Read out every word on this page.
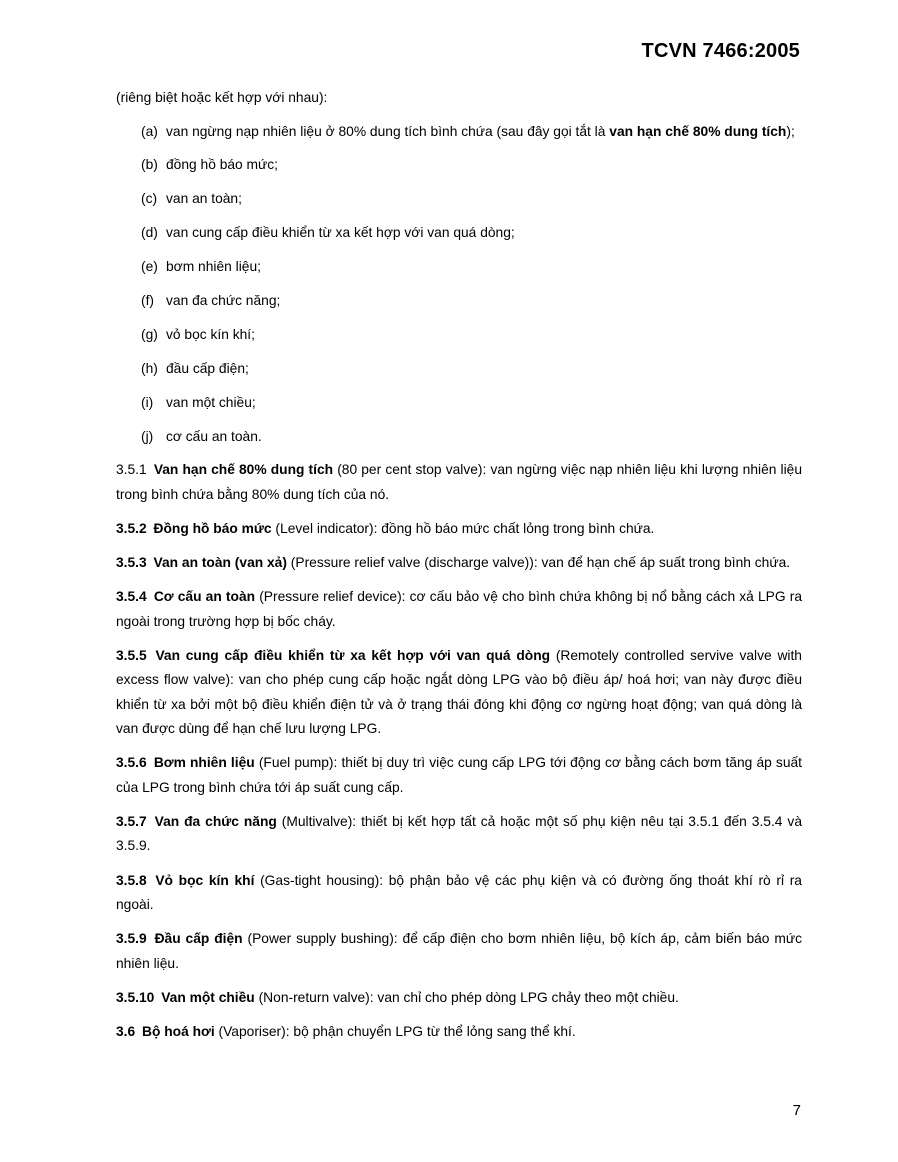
TCVN 7466:2005

(riêng biệt hoặc kết hợp với nhau):

(a) van ngừng nạp nhiên liệu ở 80% dung tích bình chứa (sau đây gọi tắt là van hạn chế 80% dung tích);
(b) đồng hồ báo mức;
(c) van an toàn;
(d) van cung cấp điều khiển từ xa kết hợp với van quá dòng;
(e) bơm nhiên liệu;
(f) van đa chức năng;
(g) vỏ bọc kín khí;
(h) đầu cấp điện;
(i) van một chiều;
(j) cơ cấu an toàn.

3.5.1 Van hạn chế 80% dung tích (80 per cent stop valve): van ngừng việc nạp nhiên liệu khi lượng nhiên liệu trong bình chứa bằng 80% dung tích của nó.

3.5.2 Đồng hồ báo mức (Level indicator): đồng hồ báo mức chất lỏng trong bình chứa.

3.5.3 Van an toàn (van xả) (Pressure relief valve (discharge valve)): van để hạn chế áp suất trong bình chứa.

3.5.4 Cơ cấu an toàn (Pressure relief device): cơ cấu bảo vệ cho bình chứa không bị nổ bằng cách xả LPG ra ngoài trong trường hợp bị bốc cháy.

3.5.5 Van cung cấp điều khiển từ xa kết hợp với van quá dòng (Remotely controlled servive valve with excess flow valve): van cho phép cung cấp hoặc ngắt dòng LPG vào bộ điều áp/ hoá hơi; van này được điều khiển từ xa bởi một bộ điều khiển điện tử và ở trạng thái đóng khi động cơ ngừng hoạt động; van quá dòng là van được dùng để hạn chế lưu lượng LPG.

3.5.6 Bơm nhiên liệu (Fuel pump): thiết bị duy trì việc cung cấp LPG tới động cơ bằng cách bơm tăng áp suất của LPG trong bình chứa tới áp suất cung cấp.

3.5.7 Van đa chức năng (Multivalve): thiết bị kết hợp tất cả hoặc một số phụ kiện nêu tại 3.5.1 đến 3.5.4 và 3.5.9.

3.5.8 Vỏ bọc kín khí (Gas-tight housing): bộ phận bảo vệ các phụ kiện và có đường ống thoát khí rò rỉ ra ngoài.

3.5.9 Đầu cấp điện (Power supply bushing): để cấp điện cho bơm nhiên liệu, bộ kích áp, cảm biến báo mức nhiên liệu.

3.5.10 Van một chiều (Non-return valve): van chỉ cho phép dòng LPG chảy theo một chiều.

3.6 Bộ hoá hơi (Vaporiser): bộ phận chuyển LPG từ thể lỏng sang thể khí.

7
